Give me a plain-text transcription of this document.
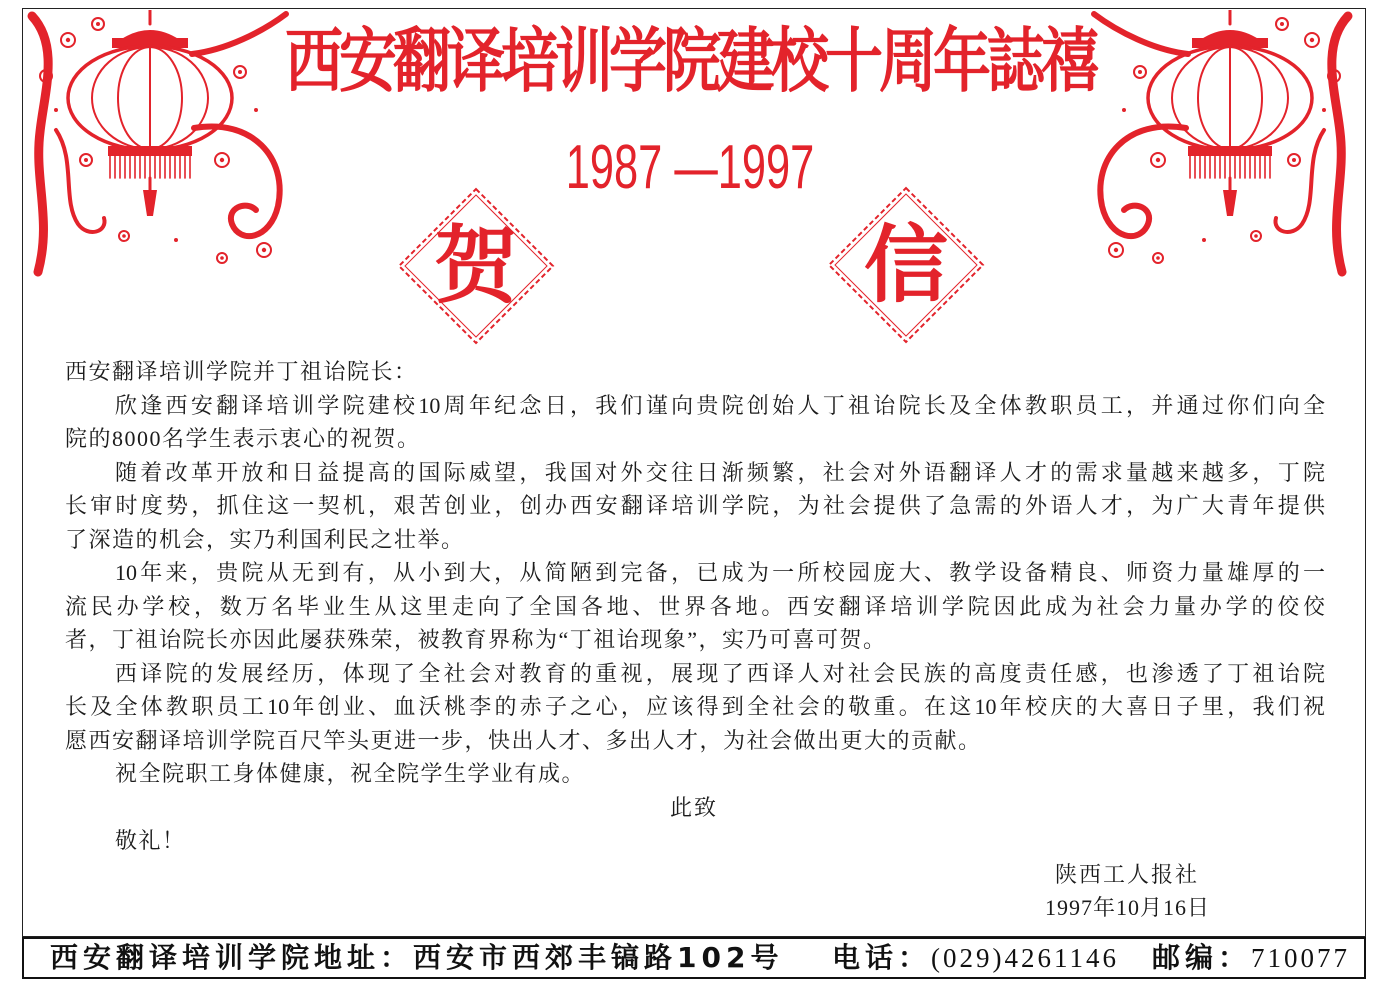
西安翻译培训学院建校十周年誌禧
1987 —1997
贺	信
西安翻译培训学院并丁祖诒院长：
欣逢西安翻译培训学院建校10周年纪念日，我们谨向贵院创始人丁祖诒院长及全体教职员工，并通过你们向全
院的8000名学生表示衷心的祝贺。
随着改革开放和日益提高的国际威望，我国对外交往日渐频繁，社会对外语翻译人才的需求量越来越多，丁院
长审时度势，抓住这一契机，艰苦创业，创办西安翻译培训学院，为社会提供了急需的外语人才，为广大青年提供
了深造的机会，实乃利国利民之壮举。
10年来，贵院从无到有，从小到大，从简陋到完备，已成为一所校园庞大、教学设备精良、师资力量雄厚的一
流民办学校，数万名毕业生从这里走向了全国各地、世界各地。西安翻译培训学院因此成为社会力量办学的佼佼
者，丁祖诒院长亦因此屡获殊荣，被教育界称为“丁祖诒现象”，实乃可喜可贺。
西译院的发展经历，体现了全社会对教育的重视，展现了西译人对社会民族的高度责任感，也渗透了丁祖诒院
长及全体教职员工10年创业、血沃桃李的赤子之心，应该得到全社会的敬重。在这10年校庆的大喜日子里，我们祝
愿西安翻译培训学院百尺竿头更进一步，快出人才、多出人才，为社会做出更大的贡献。
祝全院职工身体健康，祝全院学生学业有成。
此致
敬礼！
陕西工人报社
1997年10月16日
西安翻译培训学院地址：西安市西郊丰镐路102号 电话：(029)4261146 邮编：710077
